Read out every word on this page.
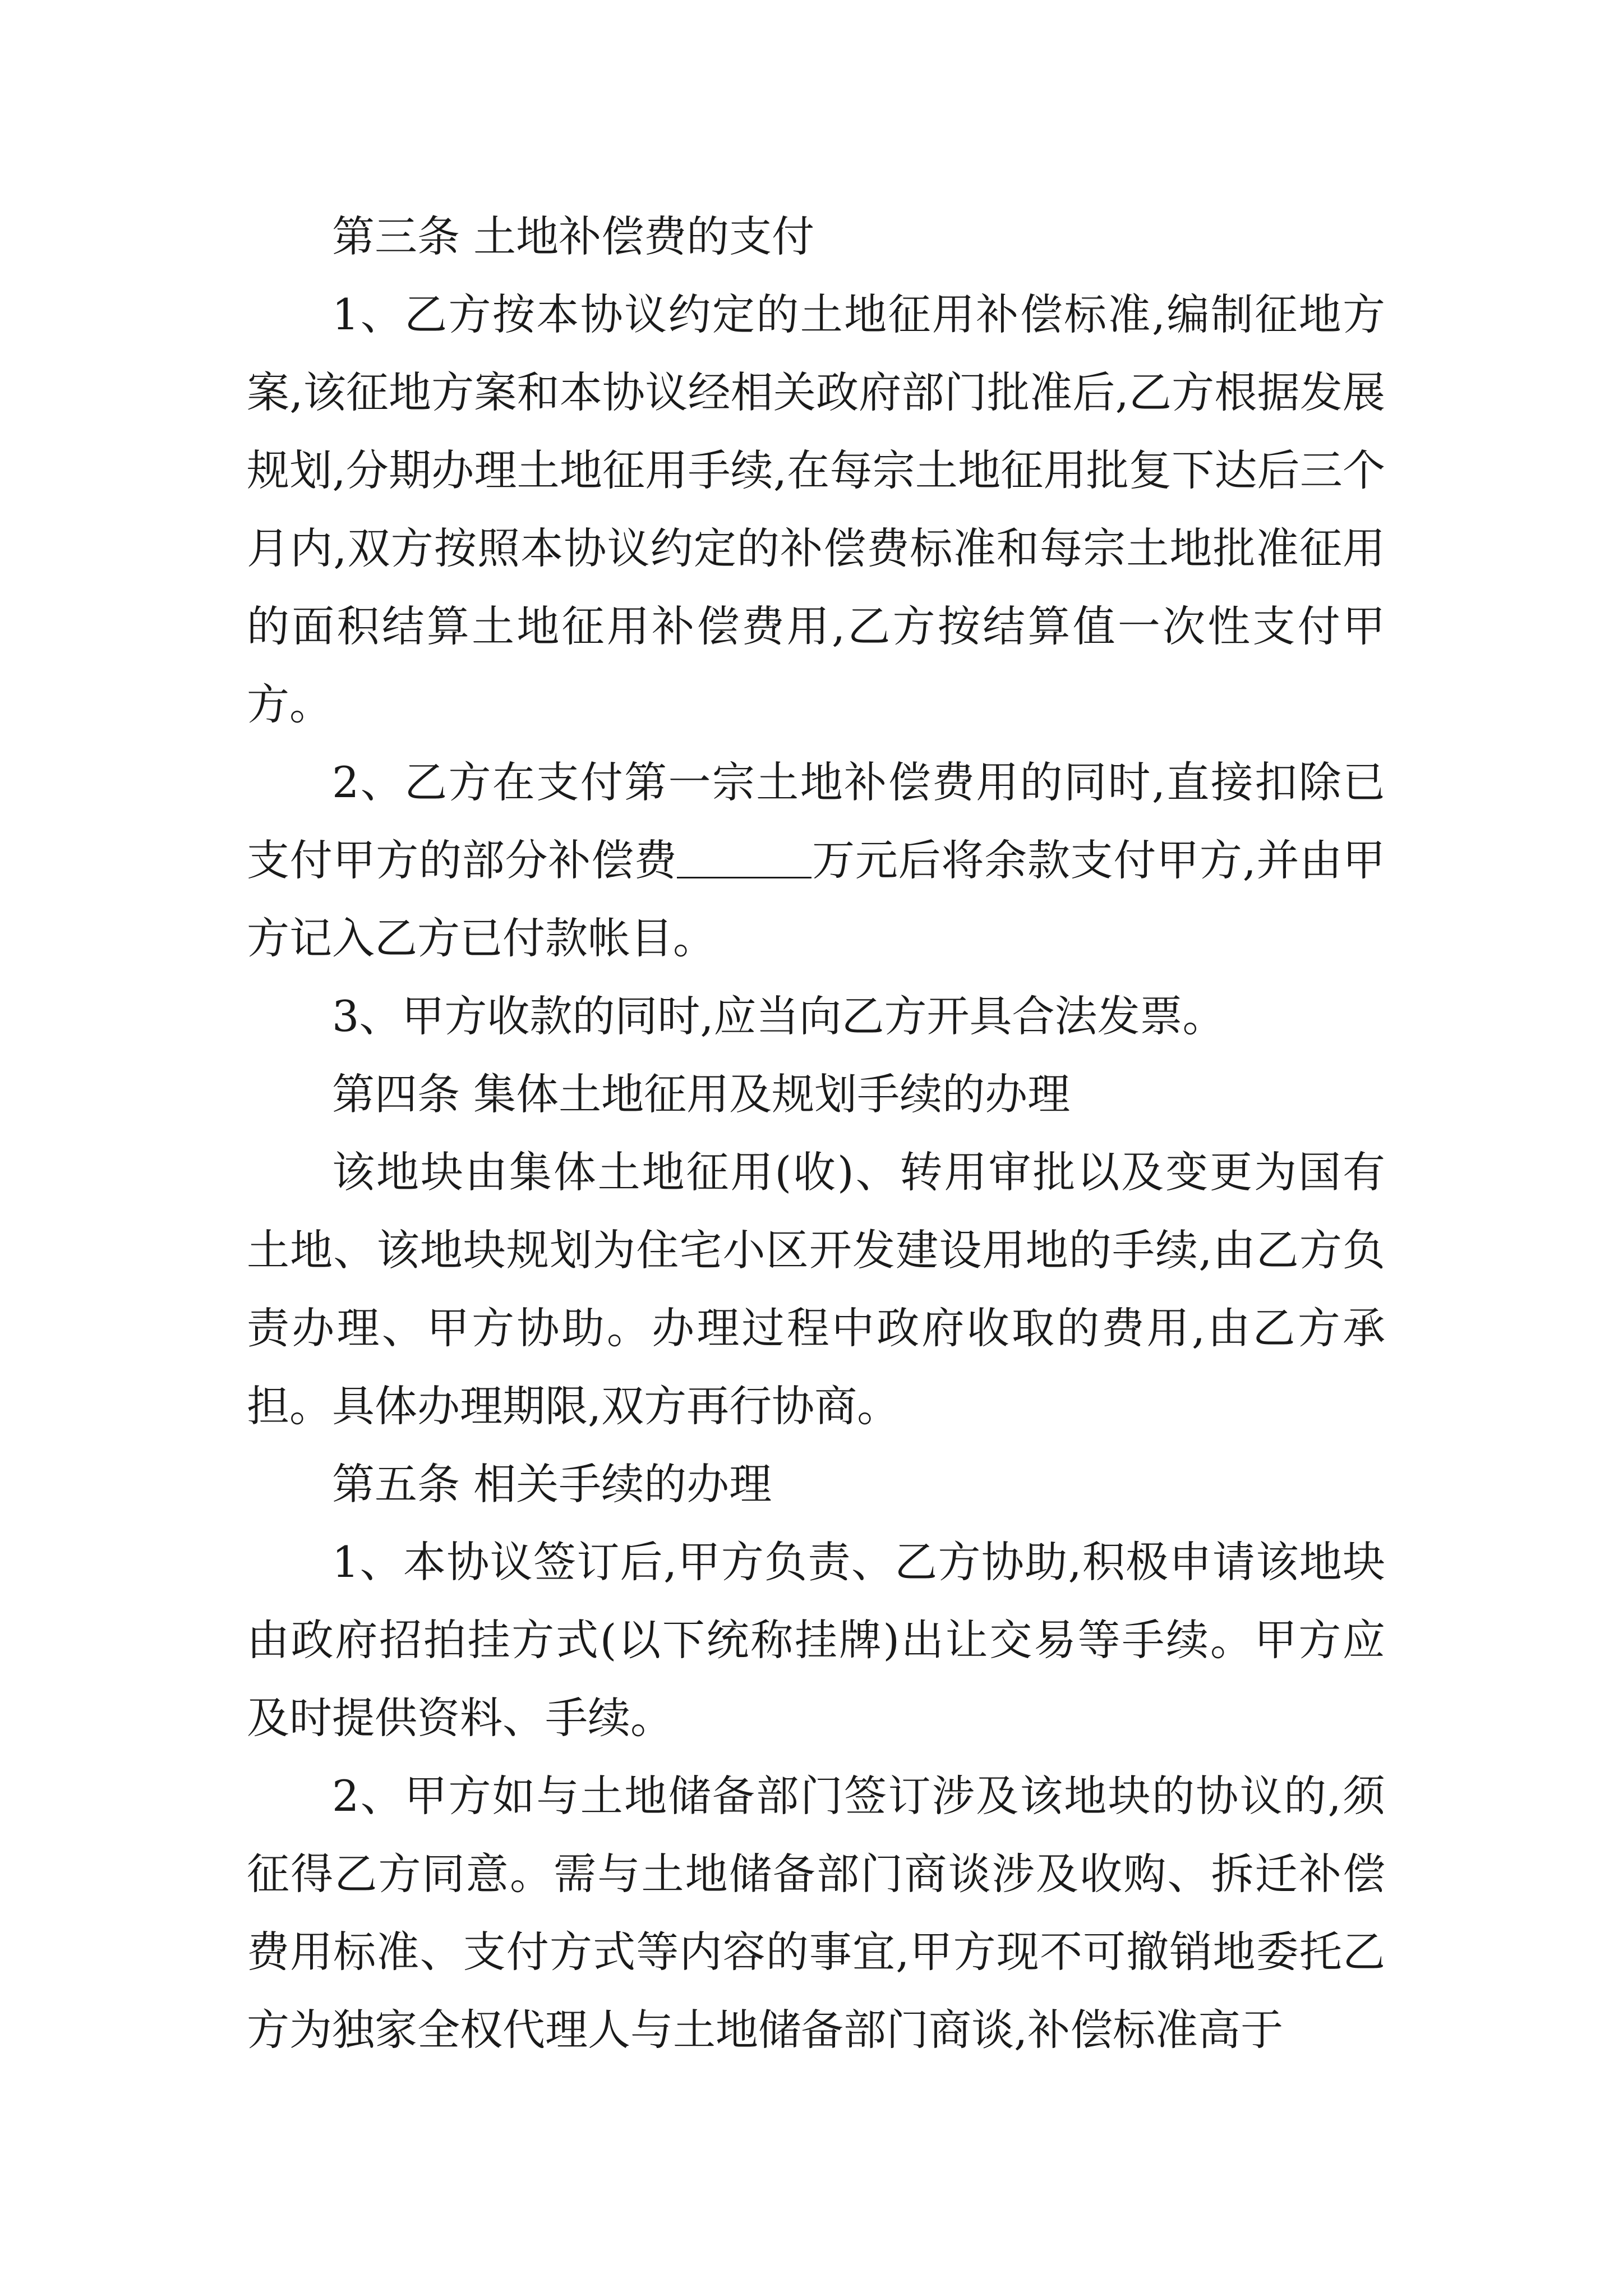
第三条 土地补偿费的支付

1、乙方按本协议约定的土地征用补偿标准,编制征地方案,该征地方案和本协议经相关政府部门批准后,乙方根据发展规划,分期办理土地征用手续,在每宗土地征用批复下达后三个月内,双方按照本协议约定的补偿费标准和每宗土地批准征用的面积结算土地征用补偿费用,乙方按结算值一次性支付甲方。

2、乙方在支付第一宗土地补偿费用的同时,直接扣除已支付甲方的部分补偿费	万元后将余款支付甲方,并由甲方记入乙方已付款帐目。

3、甲方收款的同时,应当向乙方开具合法发票。

第四条 集体土地征用及规划手续的办理

该地块由集体土地征用(收)、转用审批以及变更为国有土地、该地块规划为住宅小区开发建设用地的手续,由乙方负责办理、甲方协助。办理过程中政府收取的费用,由乙方承担。具体办理期限,双方再行协商。

第五条 相关手续的办理

1、本协议签订后,甲方负责、乙方协助,积极申请该地块由政府招拍挂方式(以下统称挂牌)出让交易等手续。甲方应及时提供资料、手续。

2、甲方如与土地储备部门签订涉及该地块的协议的,须征得乙方同意。需与土地储备部门商谈涉及收购、拆迁补偿费用标准、支付方式等内容的事宜,甲方现不可撤销地委托乙方为独家全权代理人与土地储备部门商谈,补偿标准高于
